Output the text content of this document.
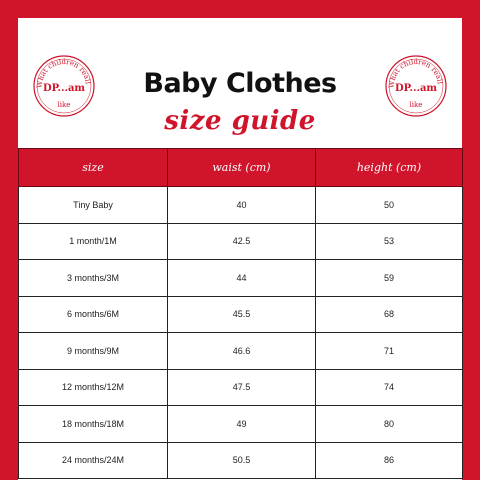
What children reall
DP...am
like
What children reall
DP...am
like
Baby Clothes
size guide
size	waist (cm)	height (cm)
Tiny Baby	40	50
1 month/1M	42.5	53
3 months/3M	44	59
6 months/6M	45.5	68
9 months/9M	46.6	71
12 months/12M	47.5	74
18 months/18M	49	80
24 months/24M	50.5	86
